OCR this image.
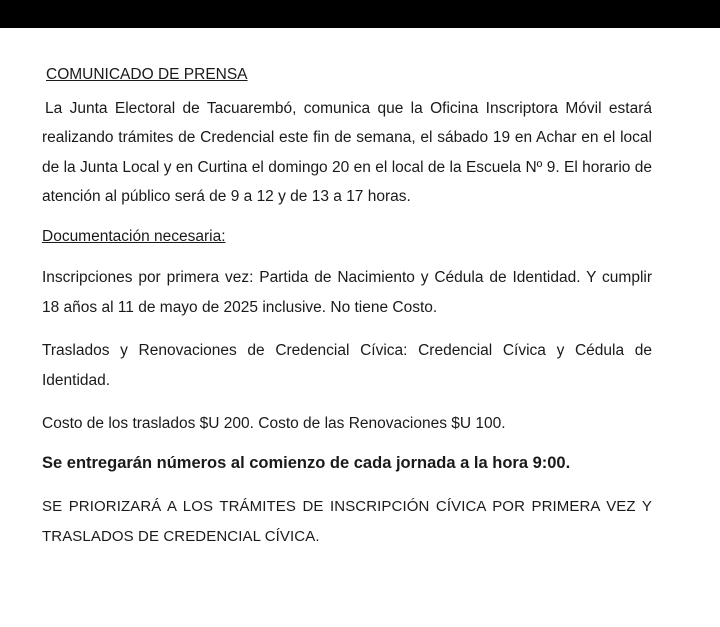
COMUNICADO DE PRENSA
La Junta Electoral de Tacuarembó, comunica que la Oficina Inscriptora Móvil estará realizando trámites de Credencial este fin de semana, el sábado 19 en Achar en el local de la Junta Local y en Curtina el domingo 20 en el local de la Escuela Nº 9. El horario de atención al público será de 9 a 12 y de 13 a 17 horas.
Documentación necesaria:
Inscripciones por primera vez: Partida de Nacimiento y Cédula de Identidad. Y cumplir 18 años al 11 de mayo de 2025 inclusive. No tiene Costo.
Traslados y Renovaciones de Credencial Cívica: Credencial Cívica y Cédula de Identidad.
Costo de los traslados $U 200. Costo de las Renovaciones $U 100.
Se entregarán números al comienzo de cada jornada a la hora 9:00.
SE PRIORIZARÁ A LOS TRÁMITES DE INSCRIPCIÓN CÍVICA POR PRIMERA VEZ Y TRASLADOS DE CREDENCIAL CÍVICA.
